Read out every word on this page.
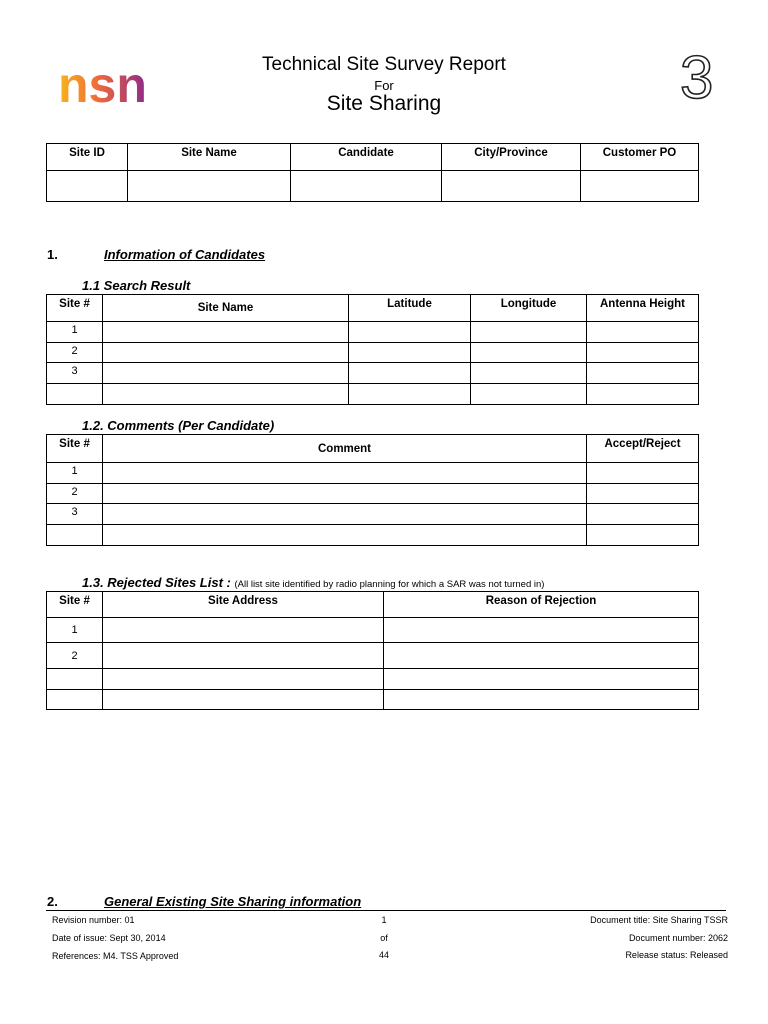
nsn	3
Technical Site Survey Report
For
Site Sharing
Site ID	Site Name	Candidate	City/Province	Customer PO

1.	Information of Candidates
1.1 Search Result
Site #	Site Name	Latitude	Longitude	Antenna Height
1				
2				
3				

1.2. Comments (Per Candidate)
Site #	Comment	Accept/Reject
1		
2		
3		

1.3. Rejected Sites List : (All list site identified by radio planning for which a SAR was not turned in)
Site #	Site Address	Reason of Rejection
1		
2		

2.	General Existing Site Sharing information
Revision number: 01
Date of issue: Sept 30, 2014
References: M4. TSS Approved
1
of
44
Document title: Site Sharing TSSR
Document number: 2062
Release status: Released
